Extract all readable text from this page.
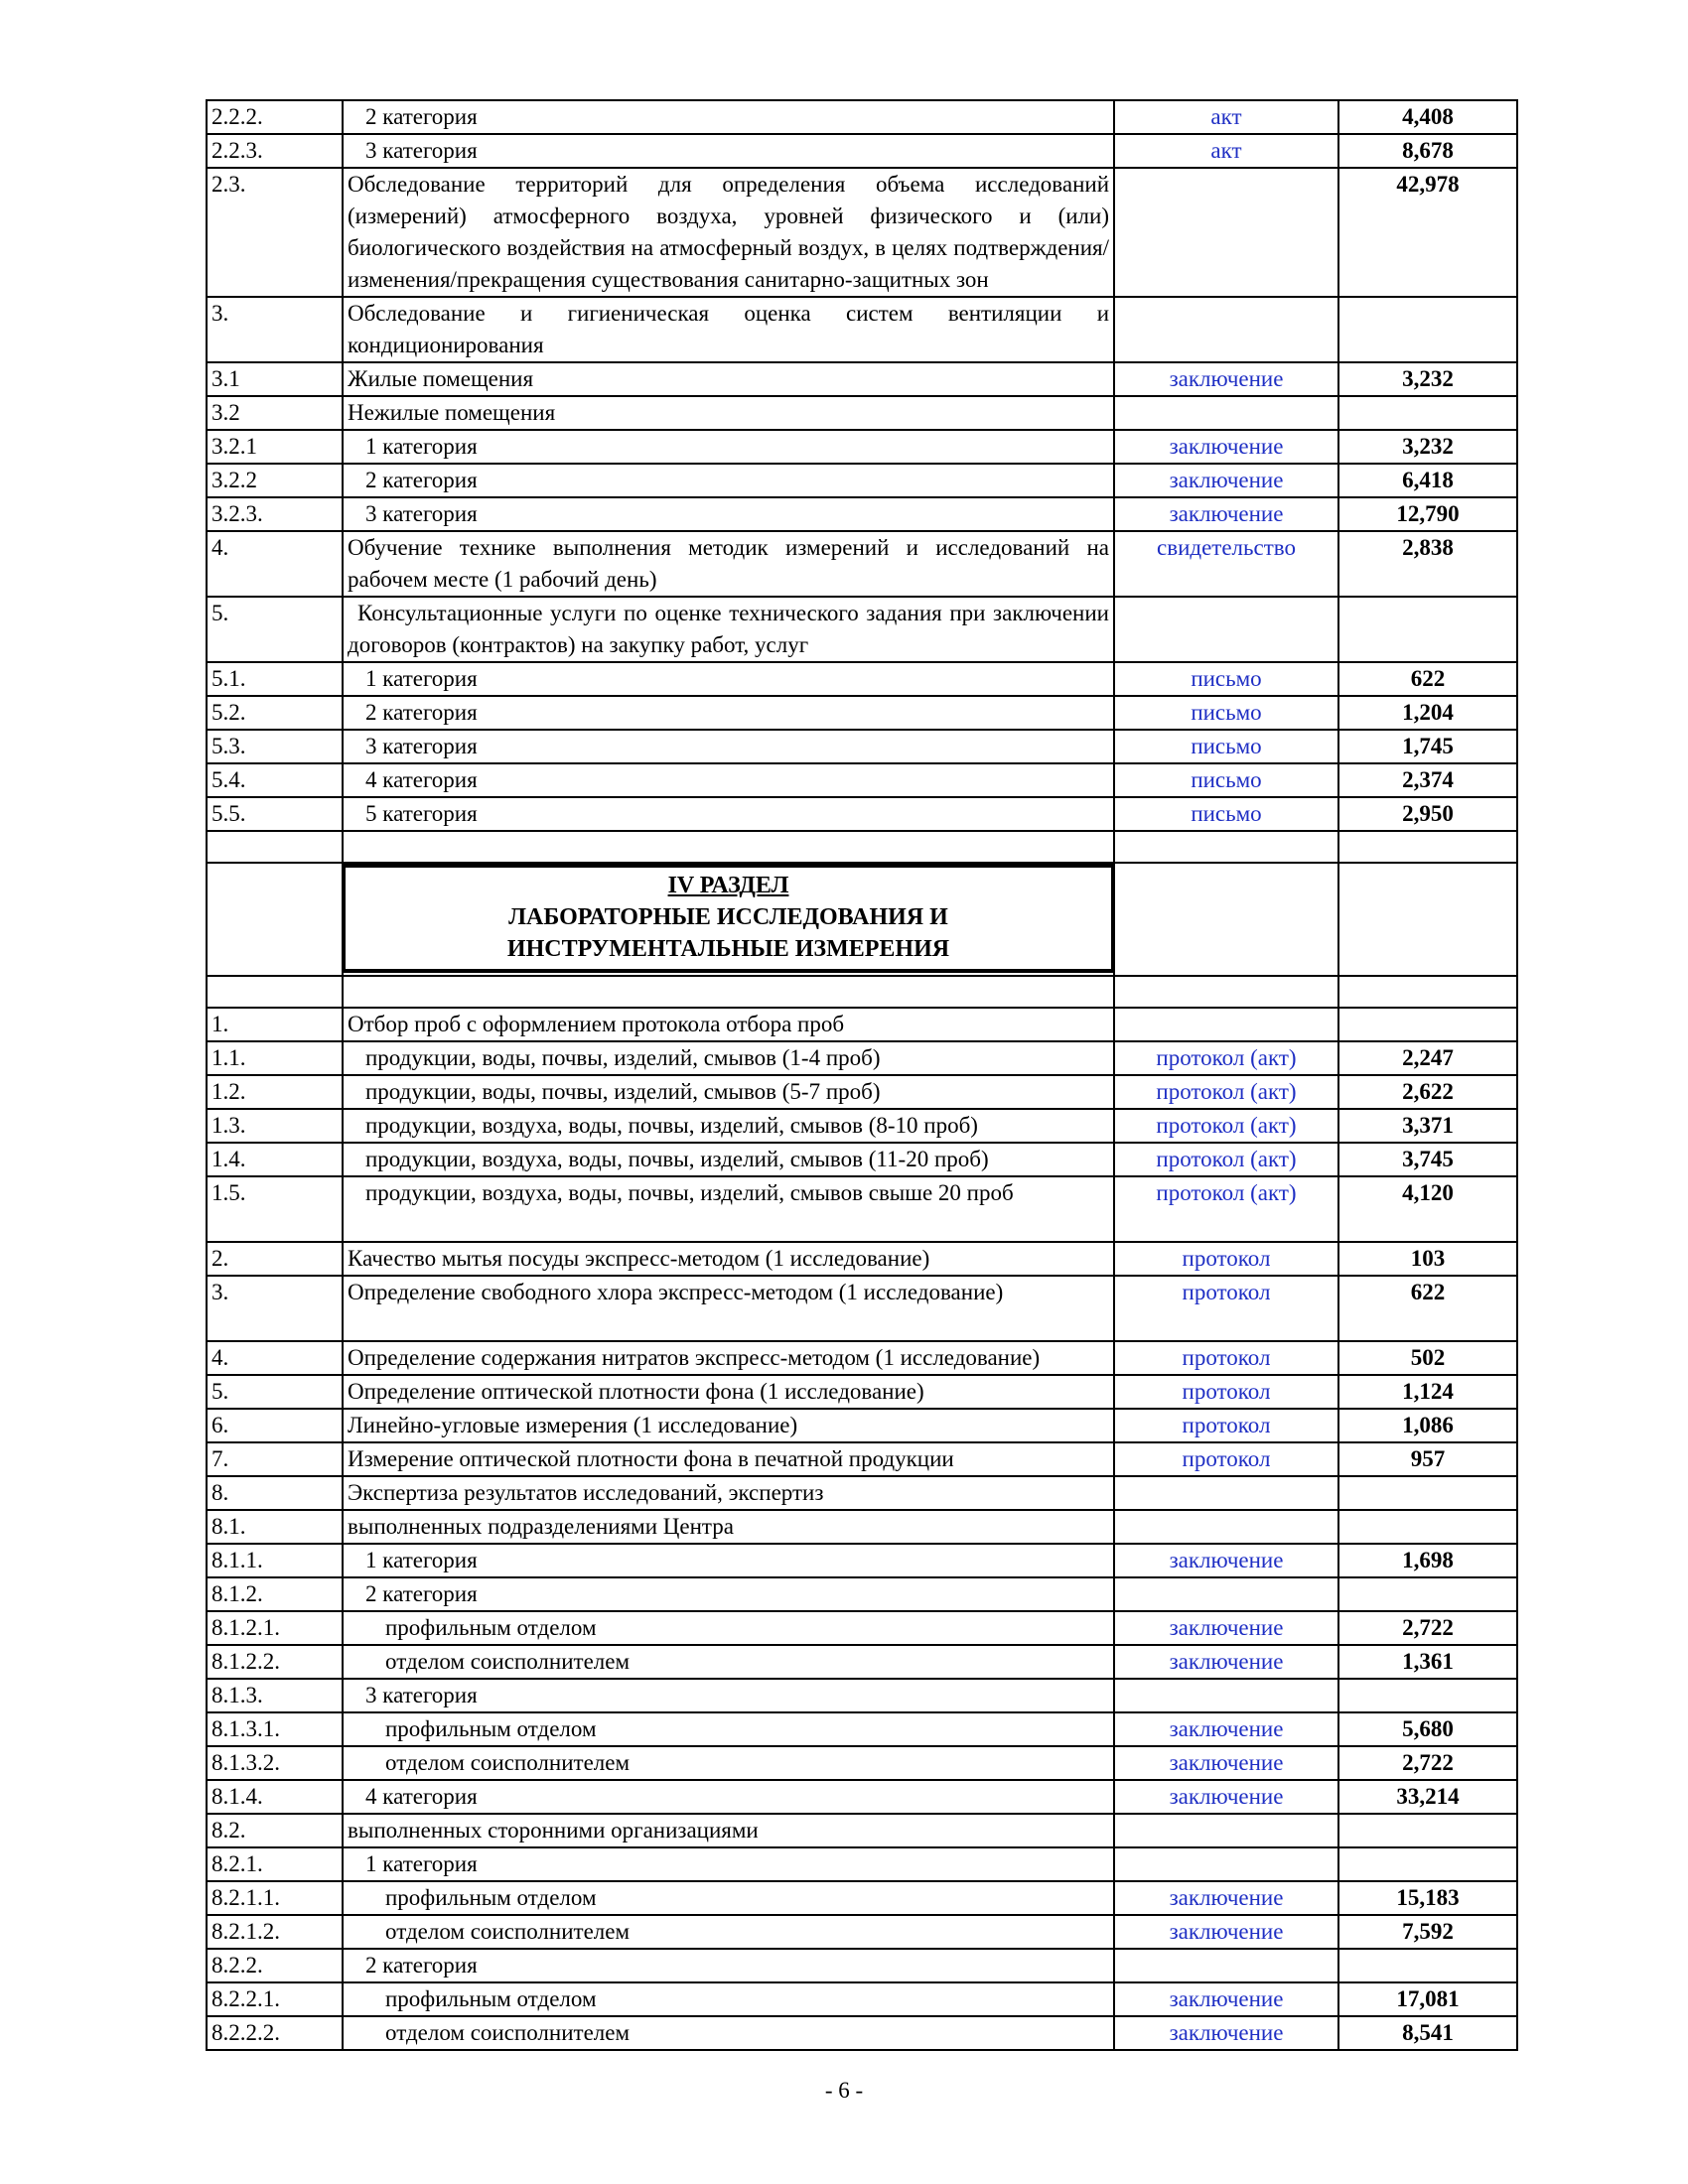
2.2.2.	2 категория	акт	4,408
2.2.3.	3 категория	акт	8,678
2.3.	Обследование территорий для определения объема исследований (измерений) атмосферного воздуха, уровней физического и (или) биологического воздействия на атмосферный воздух, в целях подтверждения/изменения/прекращения существования санитарно-защитных зон		42,978
3.	Обследование и гигиеническая оценка систем вентиляции и кондиционирования		
3.1	Жилые помещения	заключение	3,232
3.2	Нежилые помещения		
3.2.1	1 категория	заключение	3,232
3.2.2	2 категория	заключение	6,418
3.2.3.	3 категория	заключение	12,790
4.	Обучение технике выполнения методик измерений и исследований на рабочем месте (1 рабочий день)	свидетельство	2,838
5.	Консультационные услуги по оценке технического задания при заключении договоров (контрактов) на закупку работ, услуг		
5.1.	1 категория	письмо	622
5.2.	2 категория	письмо	1,204
5.3.	3 категория	письмо	1,745
5.4.	4 категория	письмо	2,374
5.5.	5 категория	письмо	2,950

	IV РАЗДЕЛ
ЛАБОРАТОРНЫЕ ИССЛЕДОВАНИЯ И
ИНСТРУМЕНТАЛЬНЫЕ ИЗМЕРЕНИЯ		

1.	Отбор проб с оформлением протокола отбора проб		
1.1.	продукции, воды, почвы, изделий, смывов (1-4 проб)	протокол (акт)	2,247
1.2.	продукции, воды, почвы, изделий, смывов (5-7 проб)	протокол (акт)	2,622
1.3.	продукции, воздуха, воды, почвы, изделий, смывов (8-10 проб)	протокол (акт)	3,371
1.4.	продукции, воздуха, воды, почвы, изделий, смывов (11-20 проб)	протокол (акт)	3,745
1.5.	продукции, воздуха, воды, почвы, изделий, смывов свыше 20 проб	протокол (акт)	4,120
2.	Качество мытья посуды экспресс-методом (1 исследование)	протокол	103
3.	Определение свободного хлора экспресс-методом (1 исследование)	протокол	622
4.	Определение содержания нитратов экспресс-методом (1 исследование)	протокол	502
5.	Определение оптической плотности фона (1 исследование)	протокол	1,124
6.	Линейно-угловые измерения (1 исследование)	протокол	1,086
7.	Измерение оптической плотности фона в печатной продукции	протокол	957
8.	Экспертиза результатов исследований, экспертиз		
8.1.	выполненных подразделениями Центра		
8.1.1.	1 категория	заключение	1,698
8.1.2.	2 категория		
8.1.2.1.	профильным отделом	заключение	2,722
8.1.2.2.	отделом соисполнителем	заключение	1,361
8.1.3.	3 категория		
8.1.3.1.	профильным отделом	заключение	5,680
8.1.3.2.	отделом соисполнителем	заключение	2,722
8.1.4.	4 категория	заключение	33,214
8.2.	выполненных сторонними организациями		
8.2.1.	1 категория		
8.2.1.1.	профильным отделом	заключение	15,183
8.2.1.2.	отделом соисполнителем	заключение	7,592
8.2.2.	2 категория		
8.2.2.1.	профильным отделом	заключение	17,081
8.2.2.2.	отделом соисполнителем	заключение	8,541
- 6 -
